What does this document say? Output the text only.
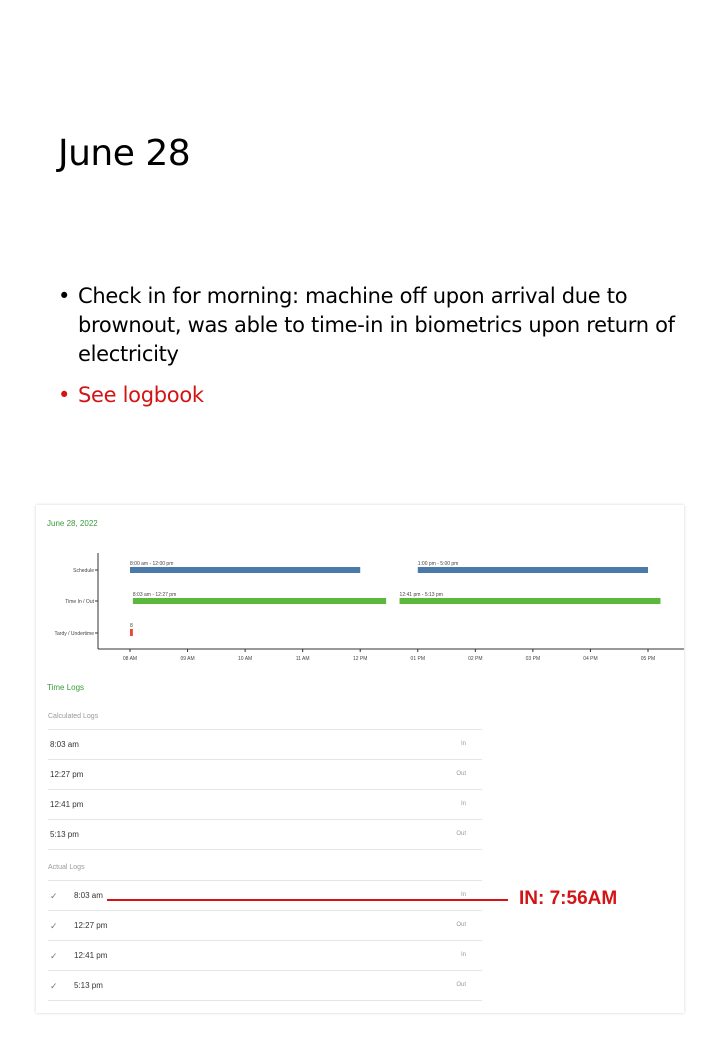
June 28
• Check in for morning: machine off upon arrival due to brownout, was able to time-in in biometrics upon return of electricity
• See logbook
June 28, 2022
Schedule
Time In / Out
Tardy / Undertime
08 AM	09 AM	10 AM	11 AM	12 PM	01 PM	02 PM	03 PM	04 PM	05 PM
8:00 am - 12:00 pm	1:00 pm - 5:00 pm
8:03 am - 12:27 pm	12:41 pm - 5:13 pm
8
Time Logs
Calculated Logs
8:03 am	In
12:27 pm	Out
12:41 pm	In
5:13 pm	Out
Actual Logs
✓ 8:03 am	In
✓ 12:27 pm	Out
✓ 12:41 pm	In
✓ 5:13 pm	Out
IN: 7:56AM
